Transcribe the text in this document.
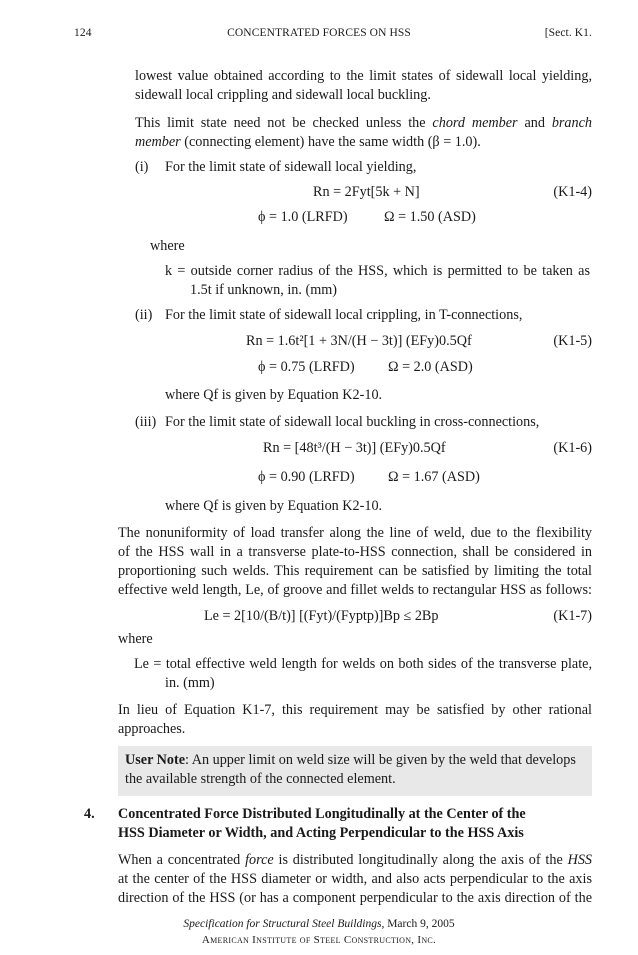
124	CONCENTRATED FORCES ON HSS	[Sect. K1.
lowest value obtained according to the limit states of sidewall local yielding,
sidewall local crippling and sidewall local buckling.
This limit state need not be checked unless the chord member and branch
member (connecting element) have the same width (β = 1.0).
(i) For the limit state of sidewall local yielding,
Rn = 2Fyt[5k + N]	(K1-4)
ϕ = 1.0 (LRFD)	Ω = 1.50 (ASD)
where
k = outside corner radius of the HSS, which is permitted to be taken as
1.5t if unknown, in. (mm)
(ii) For the limit state of sidewall local crippling, in T-connections,
Rn = 1.6t²[1 + 3N/(H − 3t)] (EFy)0.5Qf	(K1-5)
ϕ = 0.75 (LRFD) Ω = 2.0 (ASD)
where Qf is given by Equation K2-10.
(iii) For the limit state of sidewall local buckling in cross-connections,
Rn = [48t³/(H − 3t)] (EFy)0.5Qf	(K1-6)
ϕ = 0.90 (LRFD) Ω = 1.67 (ASD)
where Qf is given by Equation K2-10.
The nonuniformity of load transfer along the line of weld, due to the flexibility
of the HSS wall in a transverse plate-to-HSS connection, shall be considered in
proportioning such welds. This requirement can be satisfied by limiting the total
effective weld length, Le, of groove and fillet welds to rectangular HSS as follows:
Le = 2[10/(B/t)] [(Fyt)/(Fyptp)]Bp ≤ 2Bp	(K1-7)
where
Le = total effective weld length for welds on both sides of the transverse plate,
in. (mm)
In lieu of Equation K1-7, this requirement may be satisfied by other rational
approaches.
User Note: An upper limit on weld size will be given by the weld that develops
the available strength of the connected element.
4. Concentrated Force Distributed Longitudinally at the Center of the
HSS Diameter or Width, and Acting Perpendicular to the HSS Axis
When a concentrated force is distributed longitudinally along the axis of the HSS
at the center of the HSS diameter or width, and also acts perpendicular to the axis
direction of the HSS (or has a component perpendicular to the axis direction of the
Specification for Structural Steel Buildings, March 9, 2005
American Institute of Steel Construction, Inc.
